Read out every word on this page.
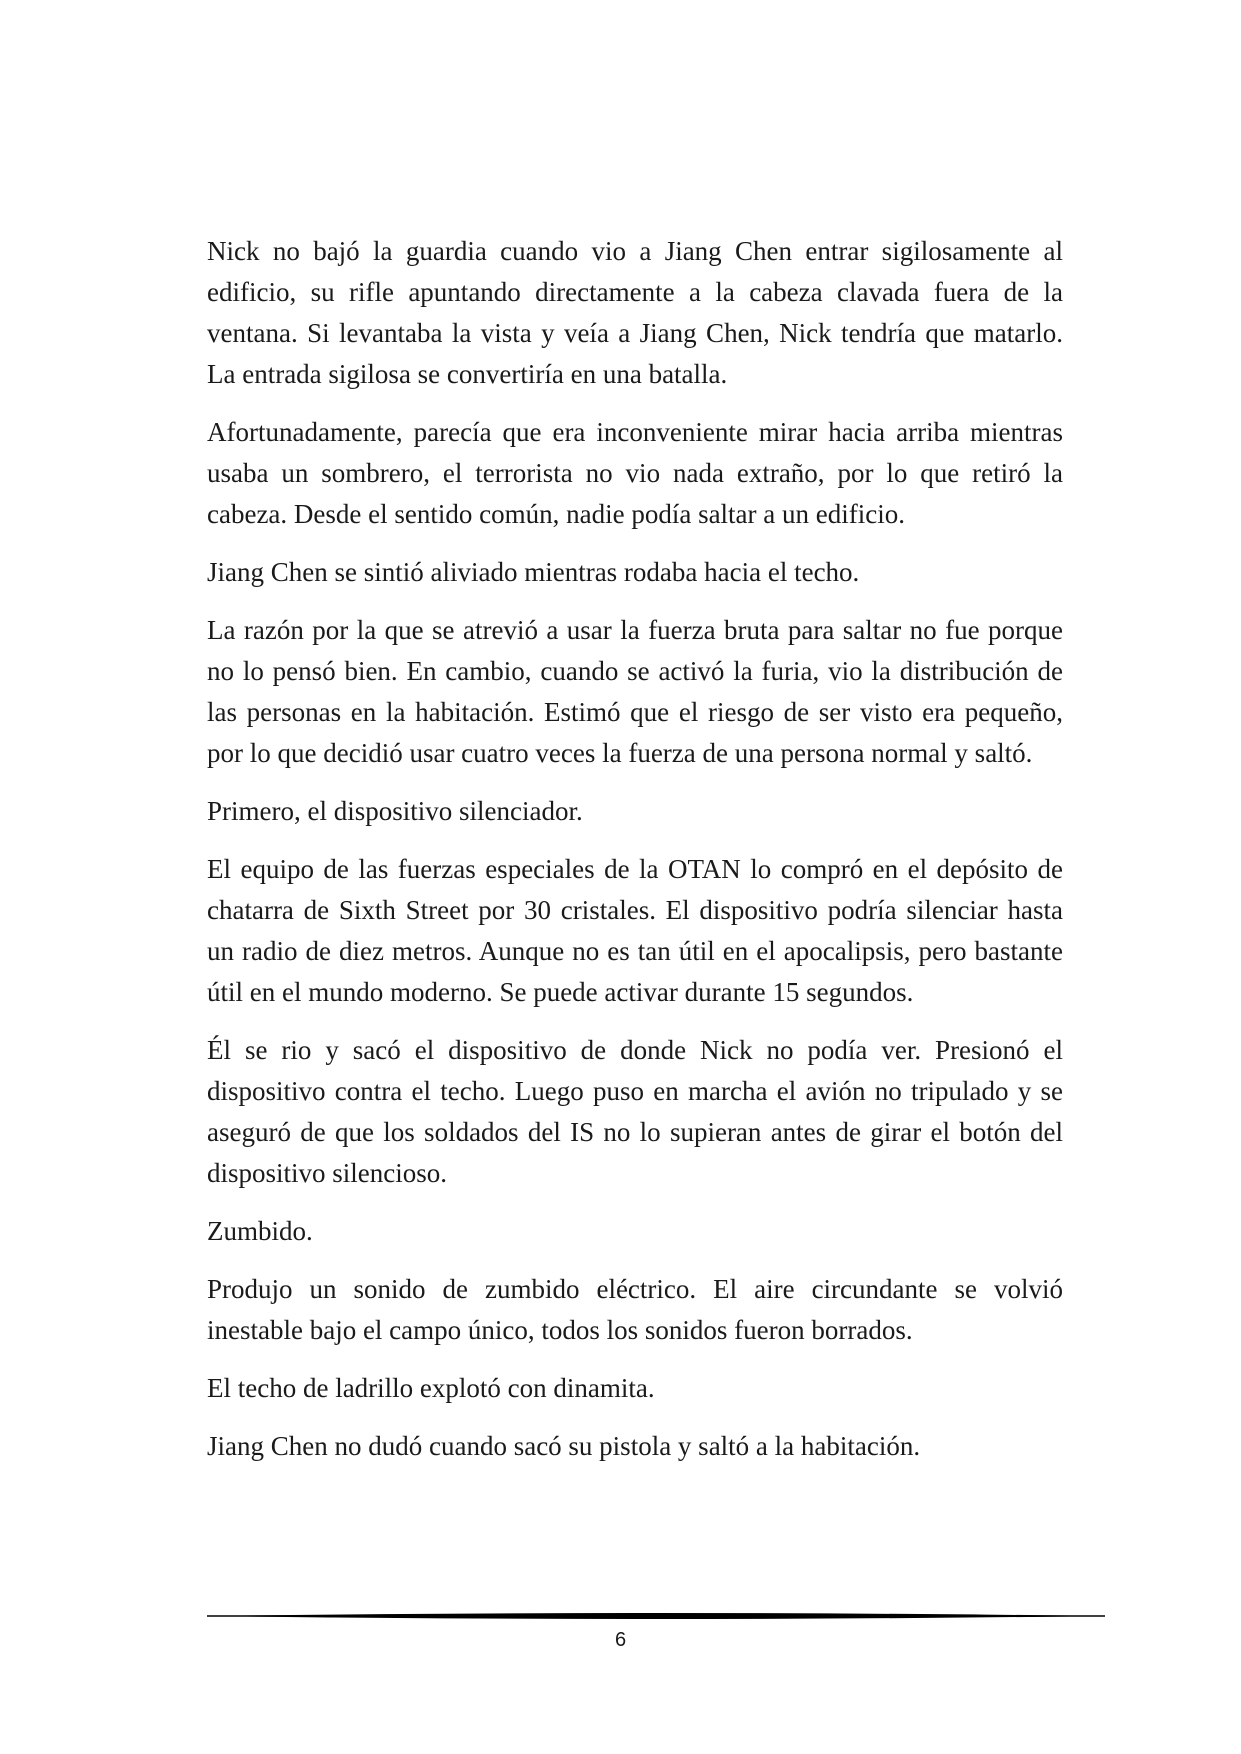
Nick no bajó la guardia cuando vio a Jiang Chen entrar sigilosamente al edificio, su rifle apuntando directamente a la cabeza clavada fuera de la ventana. Si levantaba la vista y veía a Jiang Chen, Nick tendría que matarlo. La entrada sigilosa se convertiría en una batalla.

Afortunadamente, parecía que era inconveniente mirar hacia arriba mientras usaba un sombrero, el terrorista no vio nada extraño, por lo que retiró la cabeza. Desde el sentido común, nadie podía saltar a un edificio.

Jiang Chen se sintió aliviado mientras rodaba hacia el techo.

La razón por la que se atrevió a usar la fuerza bruta para saltar no fue porque no lo pensó bien. En cambio, cuando se activó la furia, vio la distribución de las personas en la habitación. Estimó que el riesgo de ser visto era pequeño, por lo que decidió usar cuatro veces la fuerza de una persona normal y saltó.

Primero, el dispositivo silenciador.

El equipo de las fuerzas especiales de la OTAN lo compró en el depósito de chatarra de Sixth Street por 30 cristales. El dispositivo podría silenciar hasta un radio de diez metros. Aunque no es tan útil en el apocalipsis, pero bastante útil en el mundo moderno. Se puede activar durante 15 segundos.

Él se rio y sacó el dispositivo de donde Nick no podía ver. Presionó el dispositivo contra el techo. Luego puso en marcha el avión no tripulado y se aseguró de que los soldados del IS no lo supieran antes de girar el botón del dispositivo silencioso.

Zumbido.

Produjo un sonido de zumbido eléctrico. El aire circundante se volvió inestable bajo el campo único, todos los sonidos fueron borrados.

El techo de ladrillo explotó con dinamita.

Jiang Chen no dudó cuando sacó su pistola y saltó a la habitación.

6
